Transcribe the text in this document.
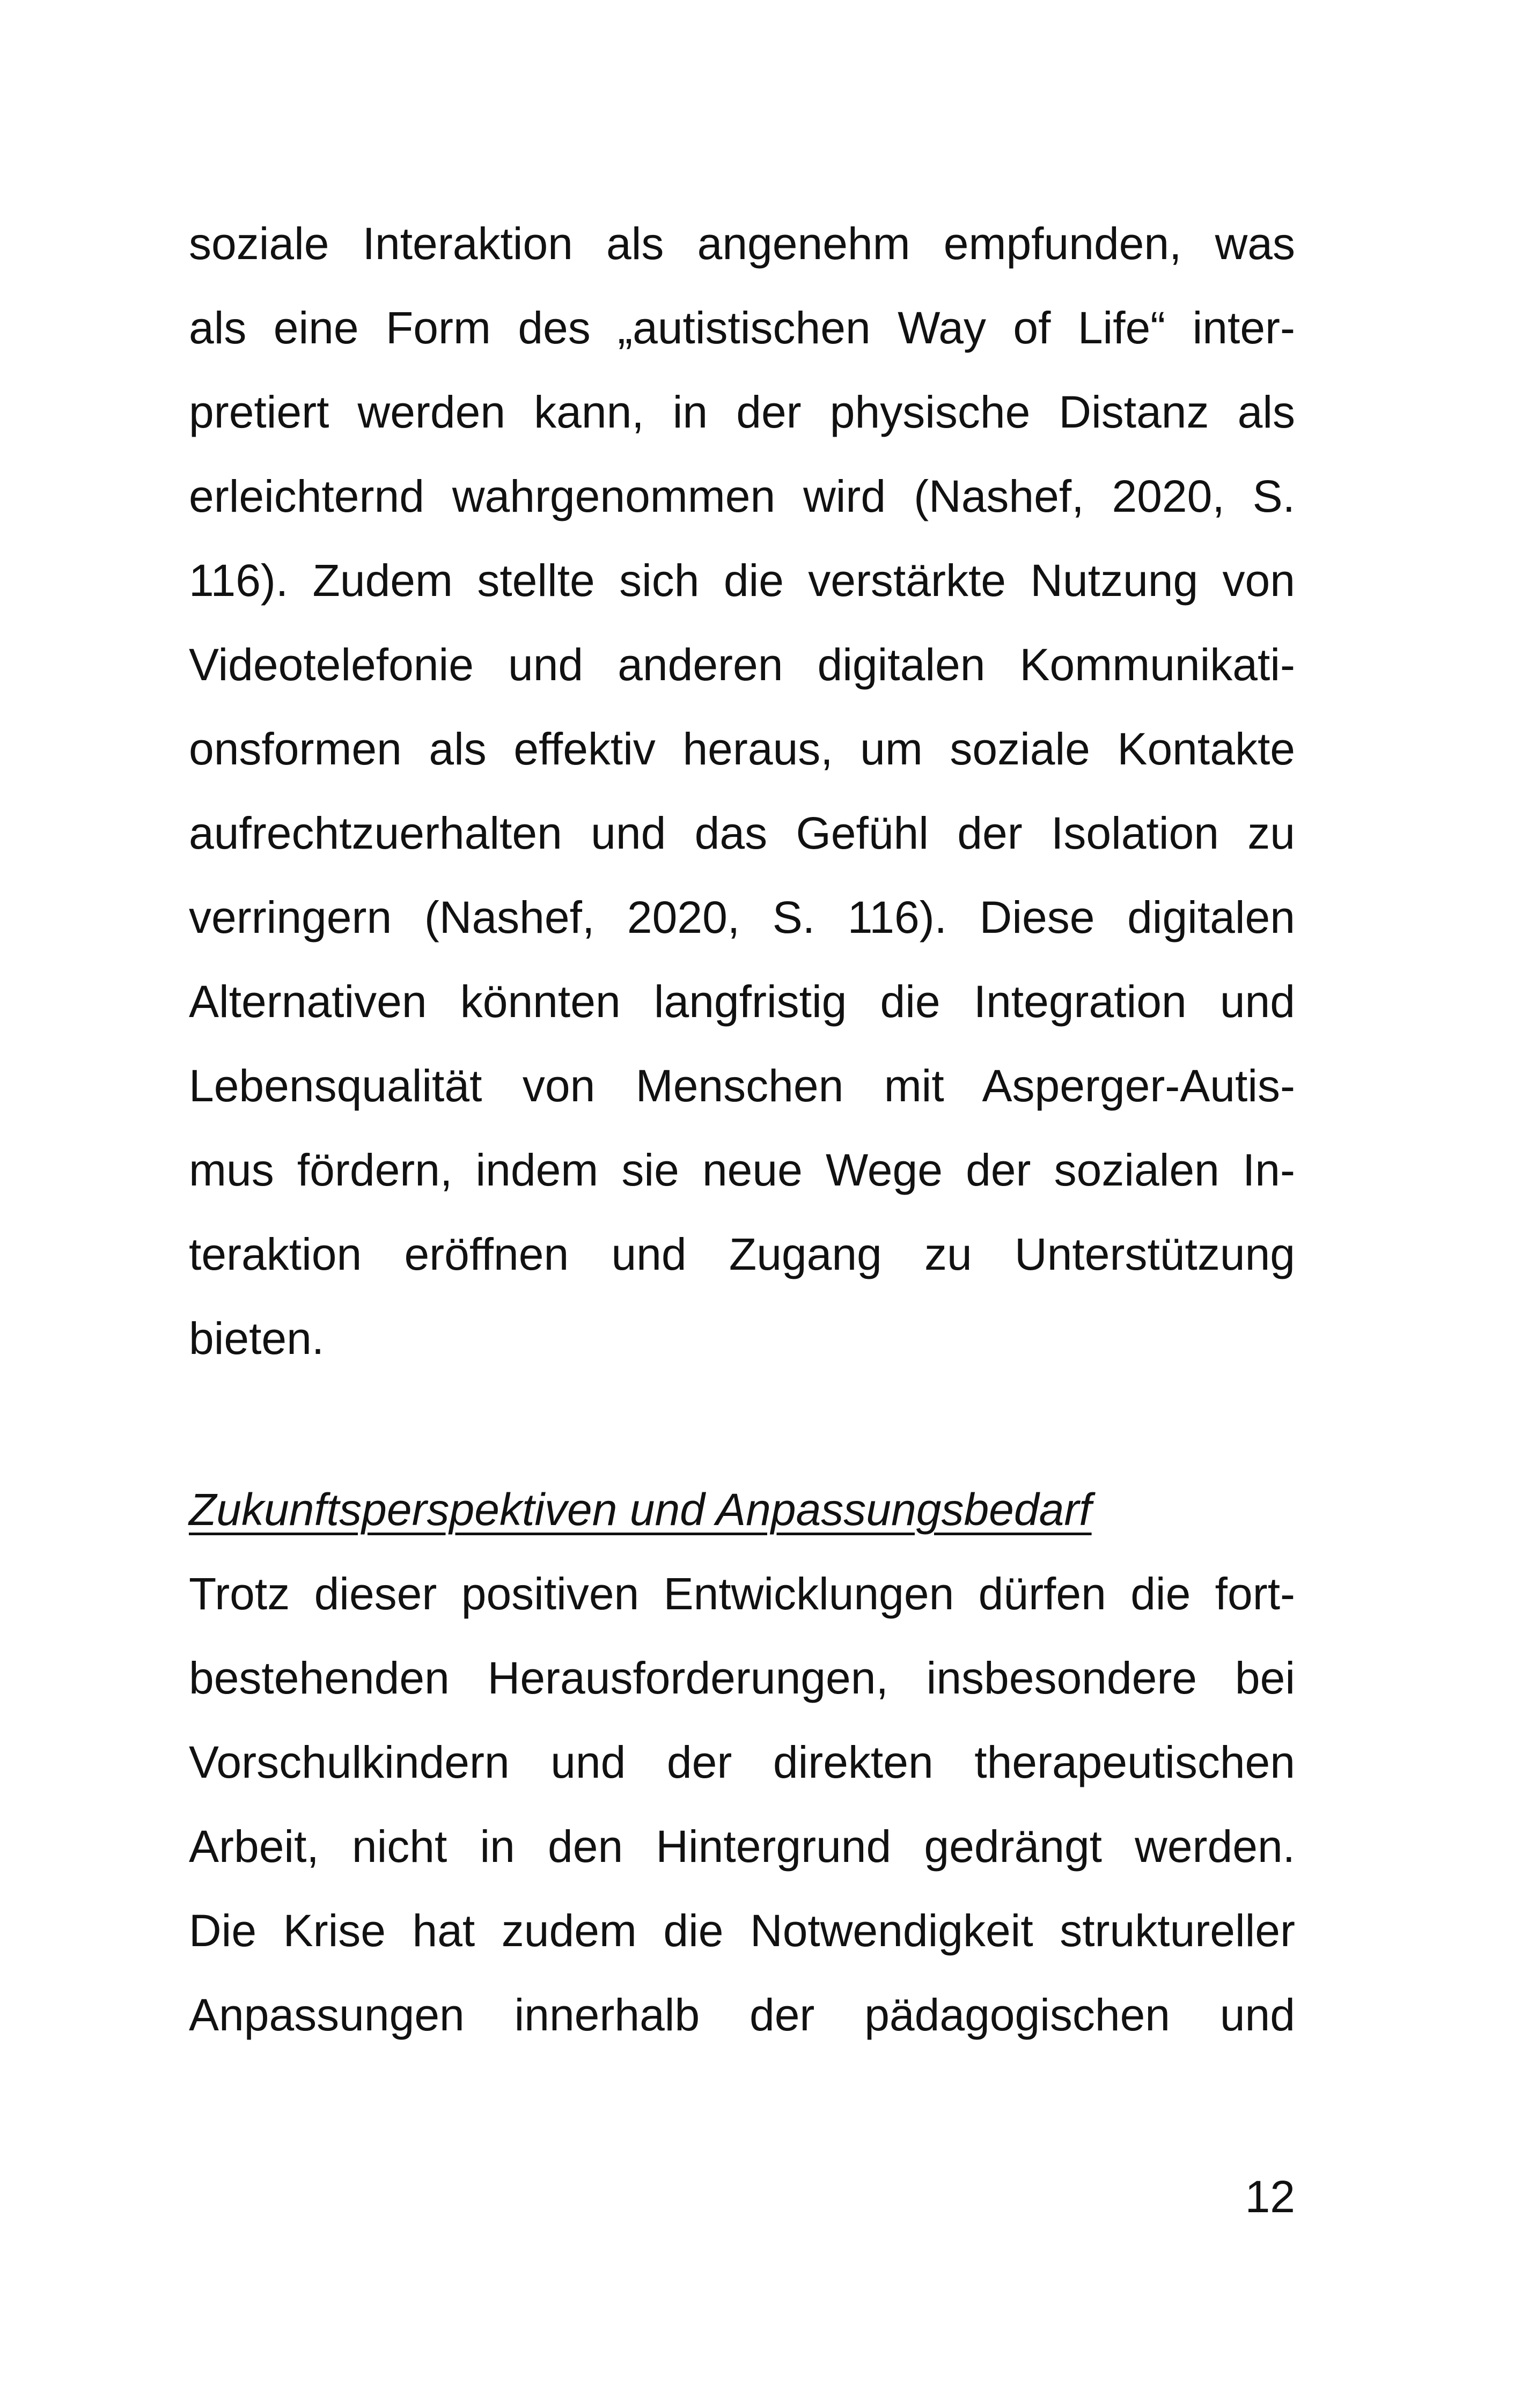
soziale Interaktion als angenehm empfunden, was
als eine Form des „autistischen Way of Life“ inter-
pretiert werden kann, in der physische Distanz als
erleichternd wahrgenommen wird (Nashef, 2020, S.
116). Zudem stellte sich die verstärkte Nutzung von
Videotelefonie und anderen digitalen Kommunikati-
onsformen als effektiv heraus, um soziale Kontakte
aufrechtzuerhalten und das Gefühl der Isolation zu
verringern (Nashef, 2020, S. 116). Diese digitalen
Alternativen könnten langfristig die Integration und
Lebensqualität von Menschen mit Asperger-Autis-
mus fördern, indem sie neue Wege der sozialen In-
teraktion eröffnen und Zugang zu Unterstützung
bieten.
Zukunftsperspektiven und Anpassungsbedarf
Trotz dieser positiven Entwicklungen dürfen die fort-
bestehenden Herausforderungen, insbesondere bei
Vorschulkindern und der direkten therapeutischen
Arbeit, nicht in den Hintergrund gedrängt werden.
Die Krise hat zudem die Notwendigkeit struktureller
Anpassungen innerhalb der pädagogischen und
12
